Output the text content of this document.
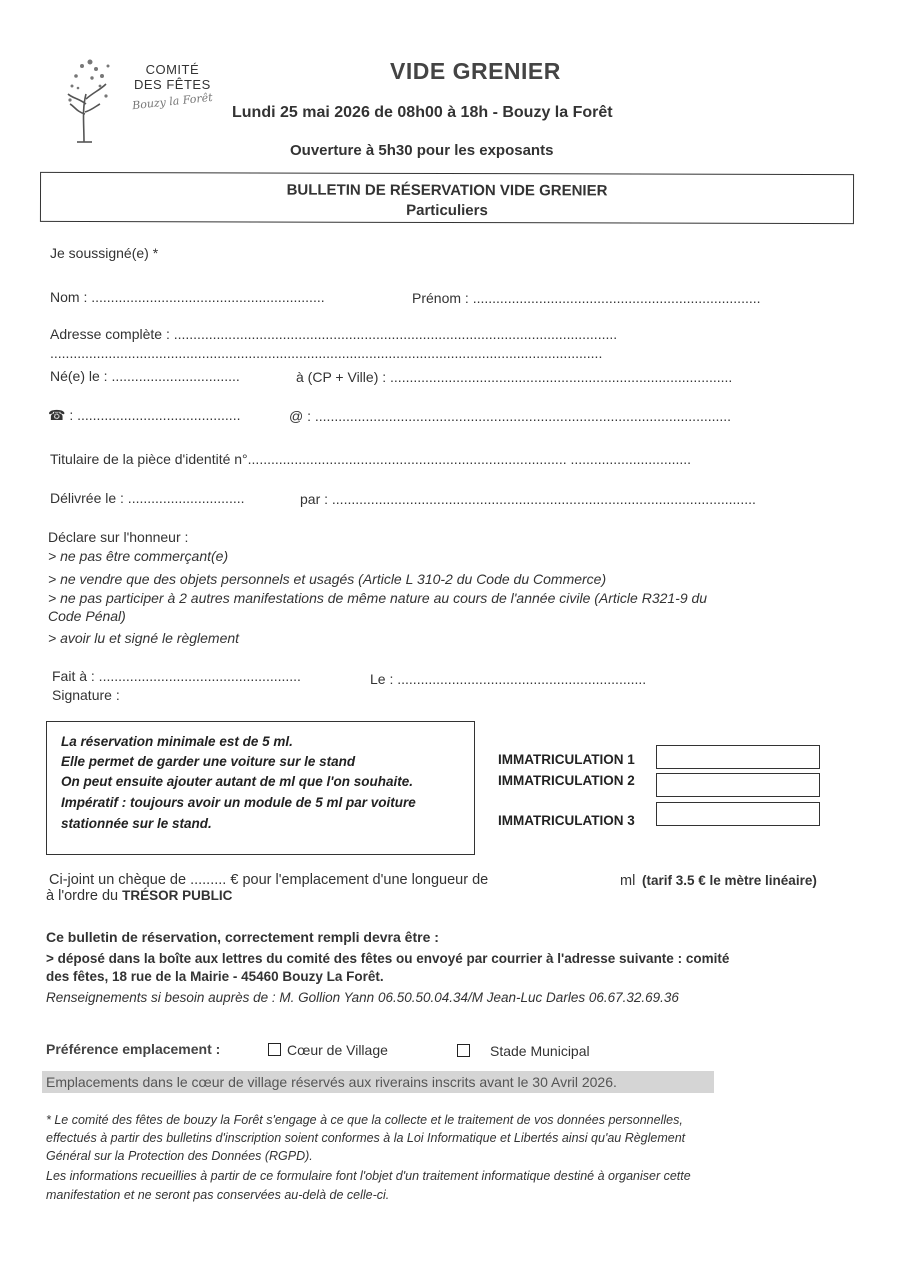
COMITÉ
DES FÊTES
Bouzy la Forêt
VIDE GRENIER
Lundi 25 mai 2026 de 08h00 à 18h - Bouzy la Forêt
Ouverture à 5h30 pour les exposants
BULLETIN DE RÉSERVATION VIDE GRENIER
Particuliers
Je soussigné(e) *
Nom : ............................................................	Prénom : ..........................................................................
Adresse complète : ..................................................................................................................
..............................................................................................................................................
Né(e) le : .................................	à (CP + Ville) : ........................................................................................
☎ : ..........................................	@ : ...........................................................................................................
Titulaire de la pièce d'identité n°.................................................................................. ...............................
Délivrée le : ..............................	par : .............................................................................................................
Déclare sur l'honneur :
> ne pas être commerçant(e)
> ne vendre que des objets personnels et usagés (Article L 310-2 du Code du Commerce)
> ne pas participer à 2 autres manifestations de même nature au cours de l'année civile (Article R321-9 du
Code Pénal)
> avoir lu et signé le règlement
Fait à : ....................................................	Le : ................................................................
Signature :
La réservation minimale est de 5 ml.
Elle permet de garder une voiture sur le stand
On peut ensuite ajouter autant de ml que l'on souhaite.
Impératif : toujours avoir un module de 5 ml par voiture
stationnée sur le stand.
IMMATRICULATION 1
IMMATRICULATION 2
IMMATRICULATION 3
Ci-joint un chèque de ......... € pour l'emplacement d'une longueur de	ml (tarif 3.5 € le mètre linéaire)
à l'ordre du TRÉSOR PUBLIC
Ce bulletin de réservation, correctement rempli devra être :
> déposé dans la boîte aux lettres du comité des fêtes ou envoyé par courrier à l'adresse suivante : comité
des fêtes, 18 rue de la Mairie - 45460 Bouzy La Forêt.
Renseignements si besoin auprès de : M. Gollion Yann 06.50.50.04.34/M Jean-Luc Darles 06.67.32.69.36
Préférence emplacement :	Cœur de Village	Stade Municipal
Emplacements dans le cœur de village réservés aux riverains inscrits avant le 30 Avril 2026.
* Le comité des fêtes de bouzy la Forêt s'engage à ce que la collecte et le traitement de vos données personnelles,
effectués à partir des bulletins d'inscription soient conformes à la Loi Informatique et Libertés ainsi qu'au Règlement
Général sur la Protection des Données (RGPD).
Les informations recueillies à partir de ce formulaire font l'objet d'un traitement informatique destiné à organiser cette
manifestation et ne seront pas conservées au-delà de celle-ci.
